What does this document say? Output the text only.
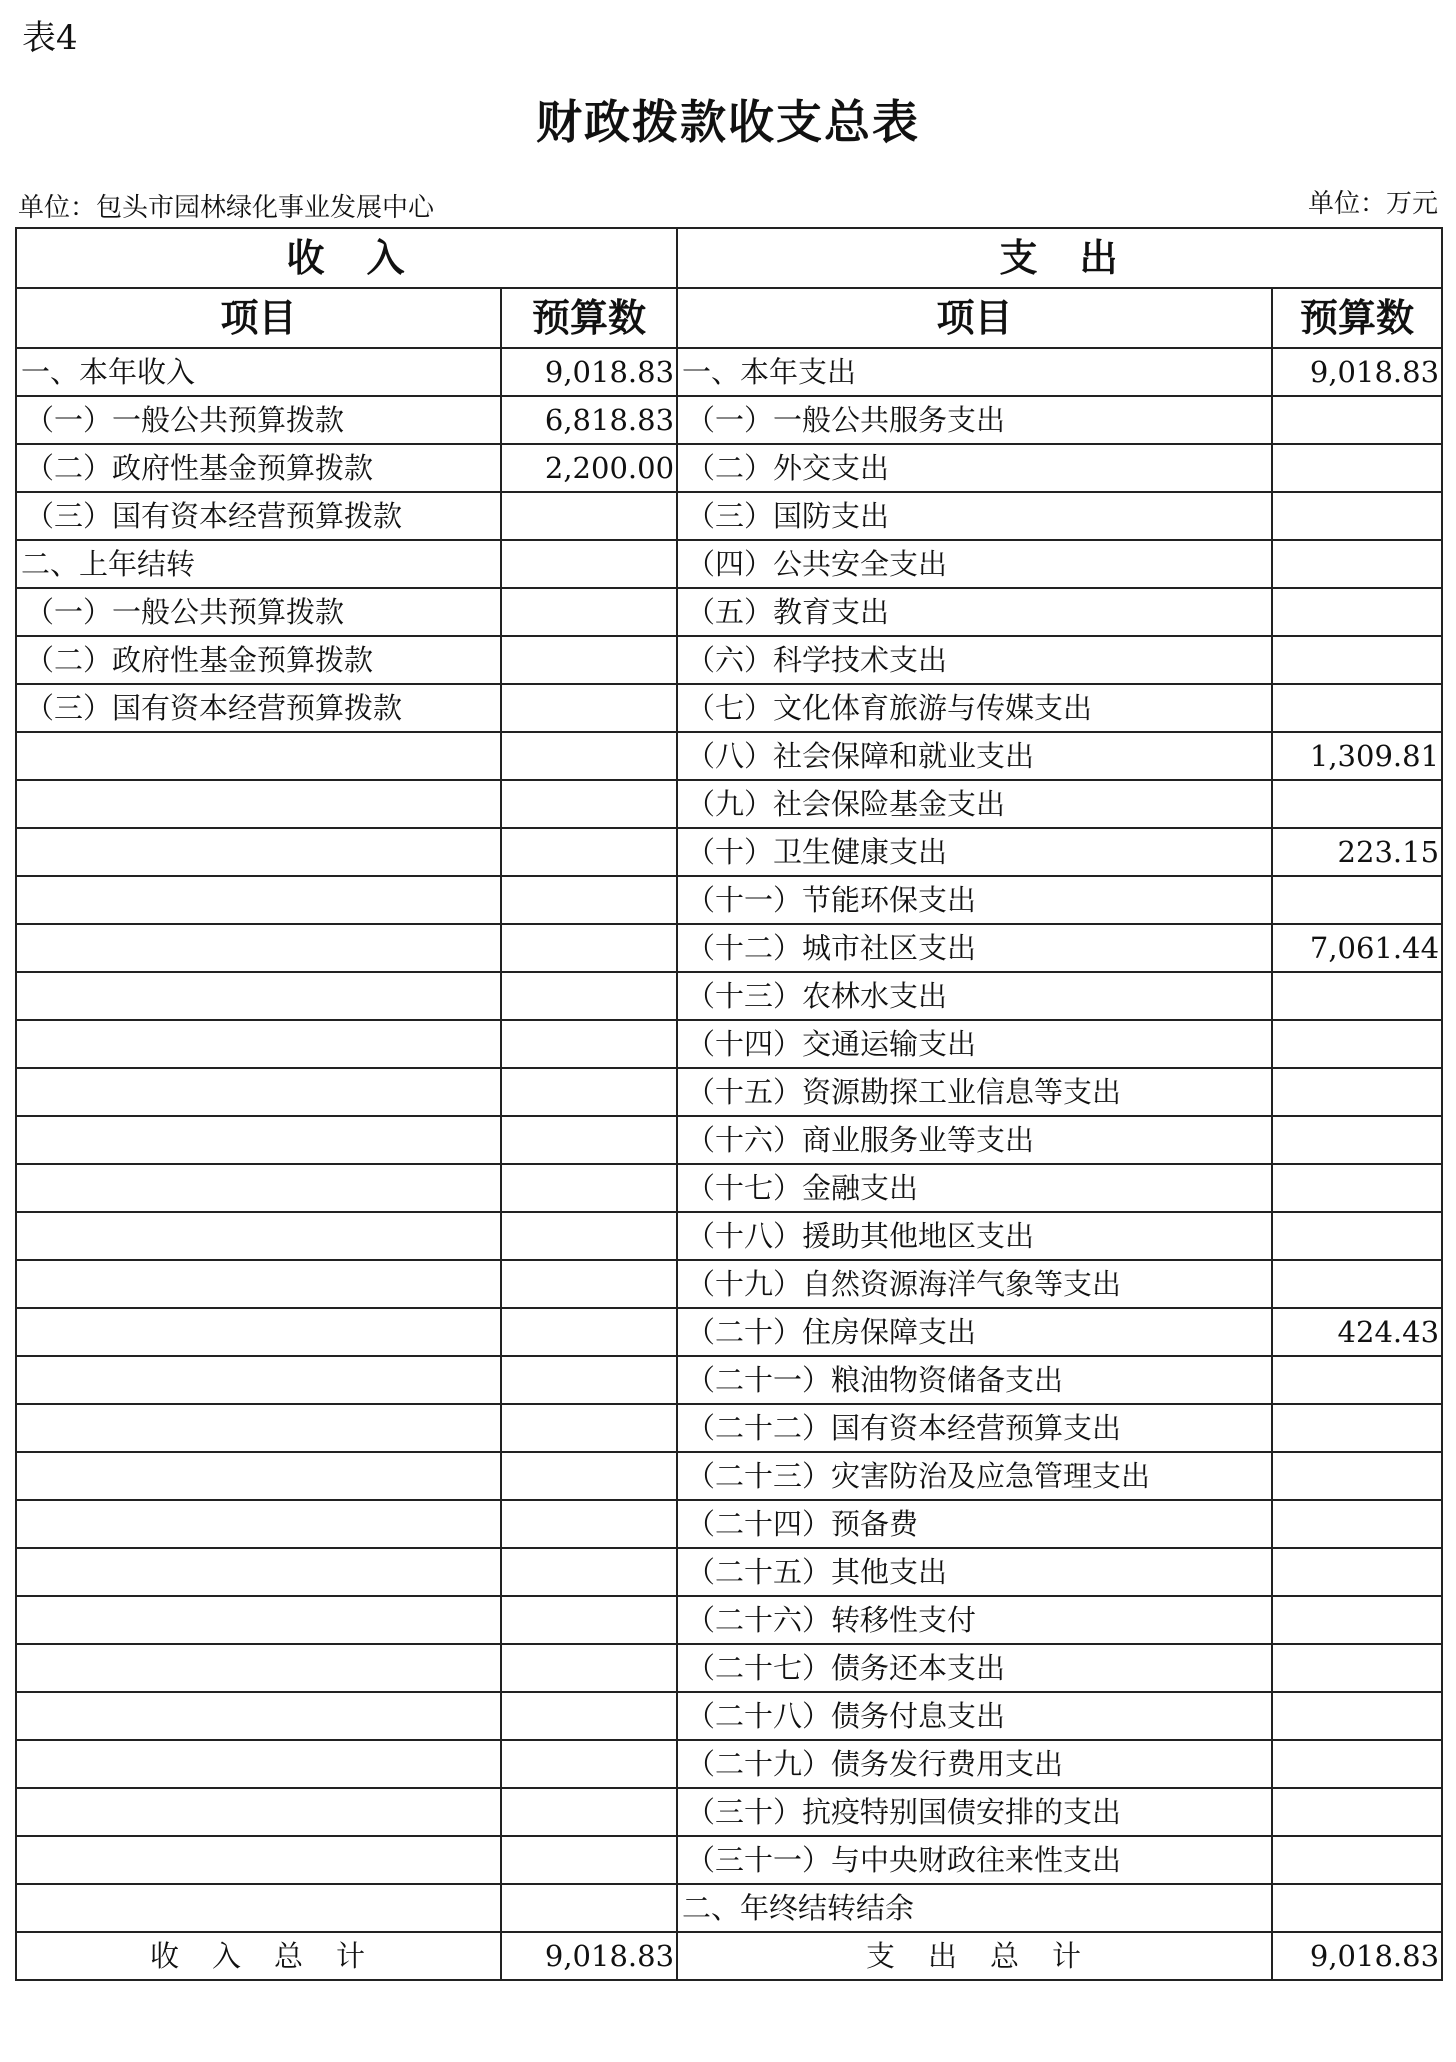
表4
财政拨款收支总表
单位：包头市园林绿化事业发展中心	单位：万元
收　入		支　出	
项目	预算数	项目	预算数
一、本年收入	9,018.83	一、本年支出	9,018.83
（一）一般公共预算拨款	6,818.83	（一）一般公共服务支出	
（二）政府性基金预算拨款	2,200.00	（二）外交支出	
（三）国有资本经营预算拨款		（三）国防支出	
二、上年结转		（四）公共安全支出	
（一）一般公共预算拨款		（五）教育支出	
（二）政府性基金预算拨款		（六）科学技术支出	
（三）国有资本经营预算拨款		（七）文化体育旅游与传媒支出	
		（八）社会保障和就业支出	1,309.81
		（九）社会保险基金支出	
		（十）卫生健康支出	223.15
		（十一）节能环保支出	
		（十二）城市社区支出	7,061.44
		（十三）农林水支出	
		（十四）交通运输支出	
		（十五）资源勘探工业信息等支出	
		（十六）商业服务业等支出	
		（十七）金融支出	
		（十八）援助其他地区支出	
		（十九）自然资源海洋气象等支出	
		（二十）住房保障支出	424.43
		（二十一）粮油物资储备支出	
		（二十二）国有资本经营预算支出	
		（二十三）灾害防治及应急管理支出	
		（二十四）预备费	
		（二十五）其他支出	
		（二十六）转移性支付	
		（二十七）债务还本支出	
		（二十八）债务付息支出	
		（二十九）债务发行费用支出	
		（三十）抗疫特别国债安排的支出	
		（三十一）与中央财政往来性支出	
		二、年终结转结余	
收　入　总　计	9,018.83	支　出　总　计	9,018.83
